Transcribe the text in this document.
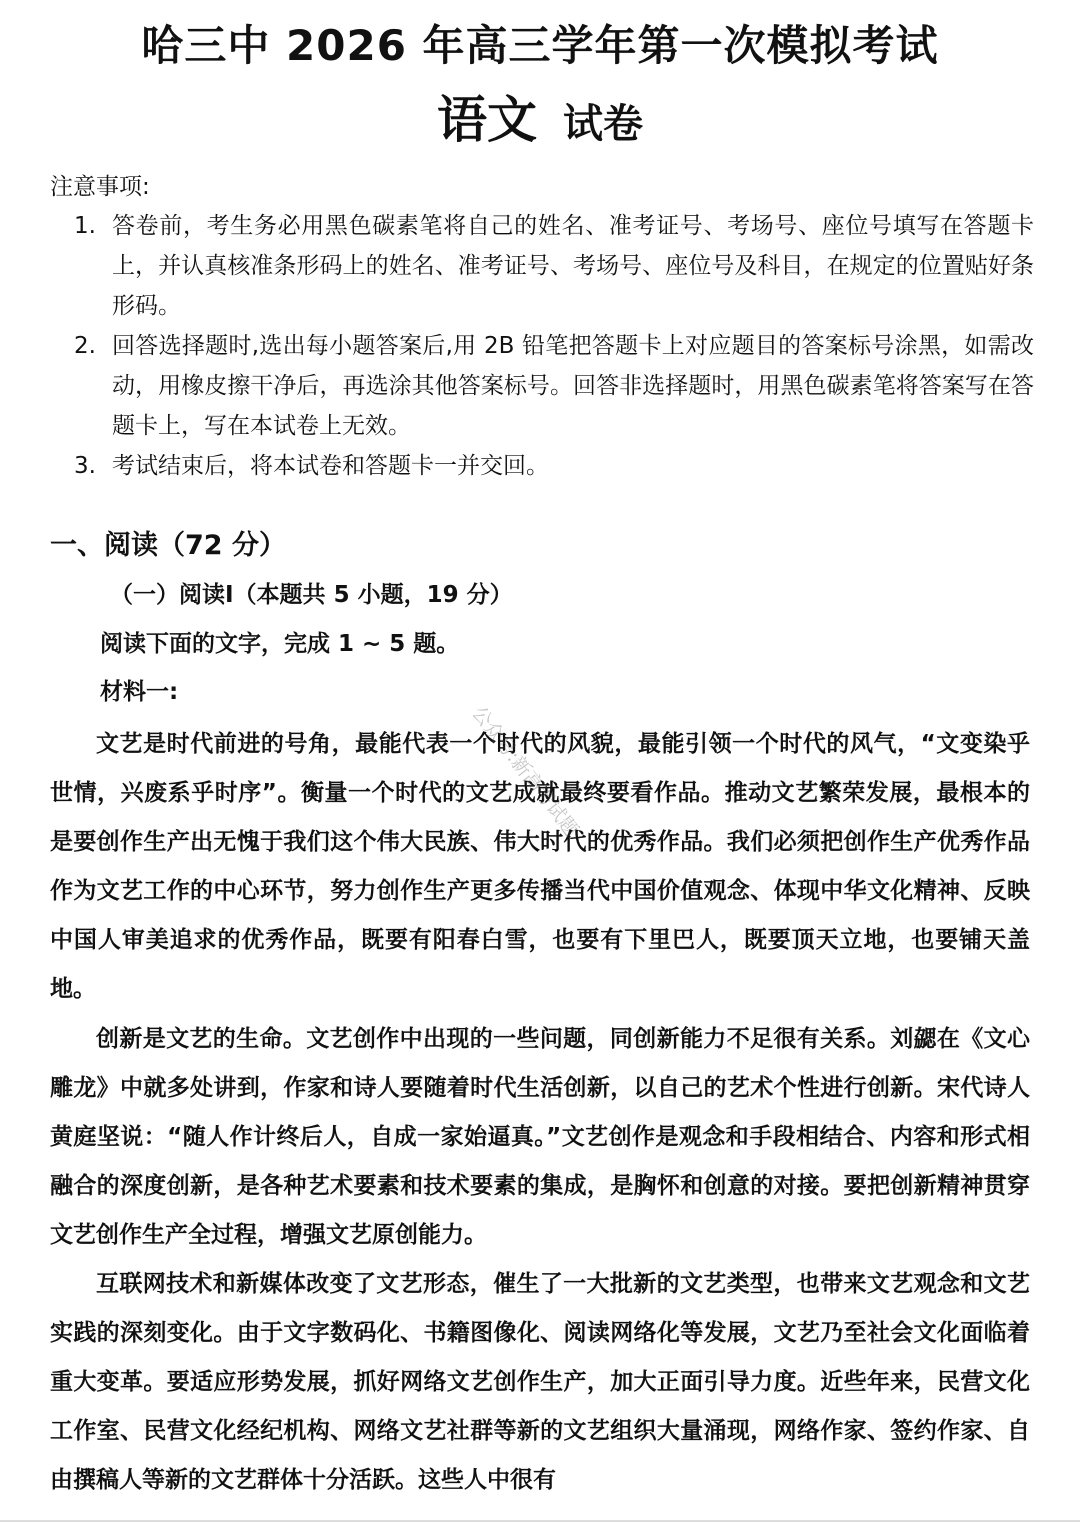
哈三中 2026 年高三学年第一次模拟考试
语文 试卷
注意事项:
1. 答卷前，考生务必用黑色碳素笔将自己的姓名、准考证号、考场号、座位号填写在答题卡上，并认真核准条形码上的姓名、准考证号、考场号、座位号及科目，在规定的位置贴好条形码。
2. 回答选择题时,选出每小题答案后,用 2B 铅笔把答题卡上对应题目的答案标号涂黑，如需改动，用橡皮擦干净后，再选涂其他答案标号。回答非选择题时，用黑色碳素笔将答案写在答题卡上，写在本试卷上无效。
3. 考试结束后，将本试卷和答题卡一并交回。
一、阅读（72 分）
（一）阅读I（本题共 5 小题，19 分）
阅读下面的文字，完成 1 ~ 5 题。
材料一:

文艺是时代前进的号角，最能代表一个时代的风貌，最能引领一个时代的风气，“文变染乎世情，兴废系乎时序”。衡量一个时代的文艺成就最终要看作品。推动文艺繁荣发展，最根本的是要创作生产出无愧于我们这个伟大民族、伟大时代的优秀作品。我们必须把创作生产优秀作品作为文艺工作的中心环节，努力创作生产更多传播当代中国价值观念、体现中华文化精神、反映中国人审美追求的优秀作品，既要有阳春白雪，也要有下里巴人，既要顶天立地，也要铺天盖地。

创新是文艺的生命。文艺创作中出现的一些问题，同创新能力不足很有关系。刘勰在《文心雕龙》中就多处讲到，作家和诗人要随着时代生活创新，以自己的艺术个性进行创新。宋代诗人黄庭坚说：“随人作计终后人，自成一家始逼真。”文艺创作是观念和手段相结合、内容和形式相融合的深度创新，是各种艺术要素和技术要素的集成，是胸怀和创意的对接。要把创新精神贯穿文艺创作生产全过程，增强文艺原创能力。

互联网技术和新媒体改变了文艺形态，催生了一大批新的文艺类型，也带来文艺观念和文艺实践的深刻变化。由于文字数码化、书籍图像化、阅读网络化等发展，文艺乃至社会文化面临着重大变革。要适应形势发展，抓好网络文艺创作生产，加大正面引导力度。近些年来，民营文化工作室、民营文化经纪机构、网络文艺社群等新的文艺组织大量涌现，网络作家、签约作家、自由撰稿人等新的文艺群体十分活跃。这些人中很有

公众号:新高考试题
